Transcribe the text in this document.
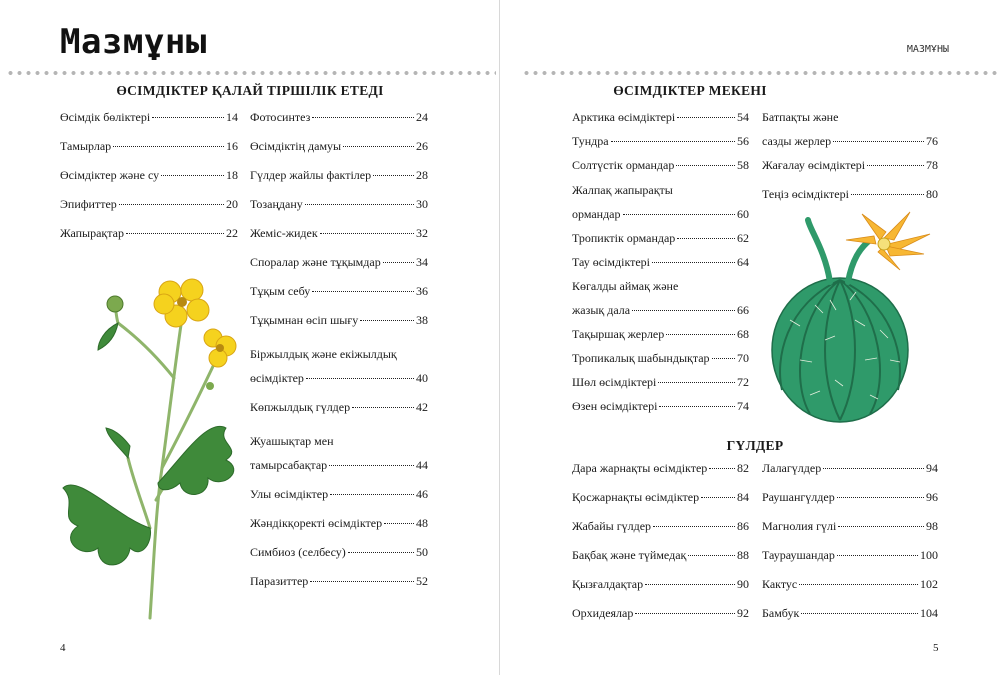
Мазмұны
ӨСІМДІКТЕР ҚАЛАЙ ТІРШІЛІК ЕТЕДІ
Өсімдік бөліктері	14
Тамырлар	16
Өсімдіктер және су	18
Эпифиттер	20
Жапырақтар	22
Фотосинтез	24
Өсімдіктің дамуы	26
Гүлдер жайлы фактілер	28
Тозаңдану	30
Жеміс-жидек	32
Споралар және тұқымдар	34
Тұқым себу	36
Тұқымнан өсіп шығу	38
Біржылдық және екіжылдық
өсімдіктер	40
Көпжылдық гүлдер	42
Жуашықтар мен
тамырсабақтар	44
Улы өсімдіктер	46
Жәндікқоректі өсімдіктер	48
Симбиоз (селбесу)	50
Паразиттер	52
4
МАЗМҰНЫ
ӨСІМДІКТЕР МЕКЕНІ
Арктика өсімдіктері	54
Тундра	56
Солтүстік ормандар	58
Жалпақ жапырақты
ормандар	60
Тропиктік ормандар	62
Тау өсімдіктері	64
Көгалды аймақ және
жазық дала	66
Тақыршақ жерлер	68
Тропикалық шабындықтар 70
Шөл өсімдіктері	72
Өзен өсімдіктері	74
Батпақты және
сазды жерлер	76
Жағалау өсімдіктері	78
Теңіз өсімдіктері	80
ГҮЛДЕР
Дара жарнақты өсімдіктер 82
Қосжарнақты өсімдіктер	84
Жабайы гүлдер	86
Бақбақ және түймедақ	88
Қызғалдақтар	90
Орхидеялар	92
Лалагүлдер	94
Раушангүлдер	96
Магнолия гүлі	98
Таураушандар	100
Кактус	102
Бамбук	104
5
